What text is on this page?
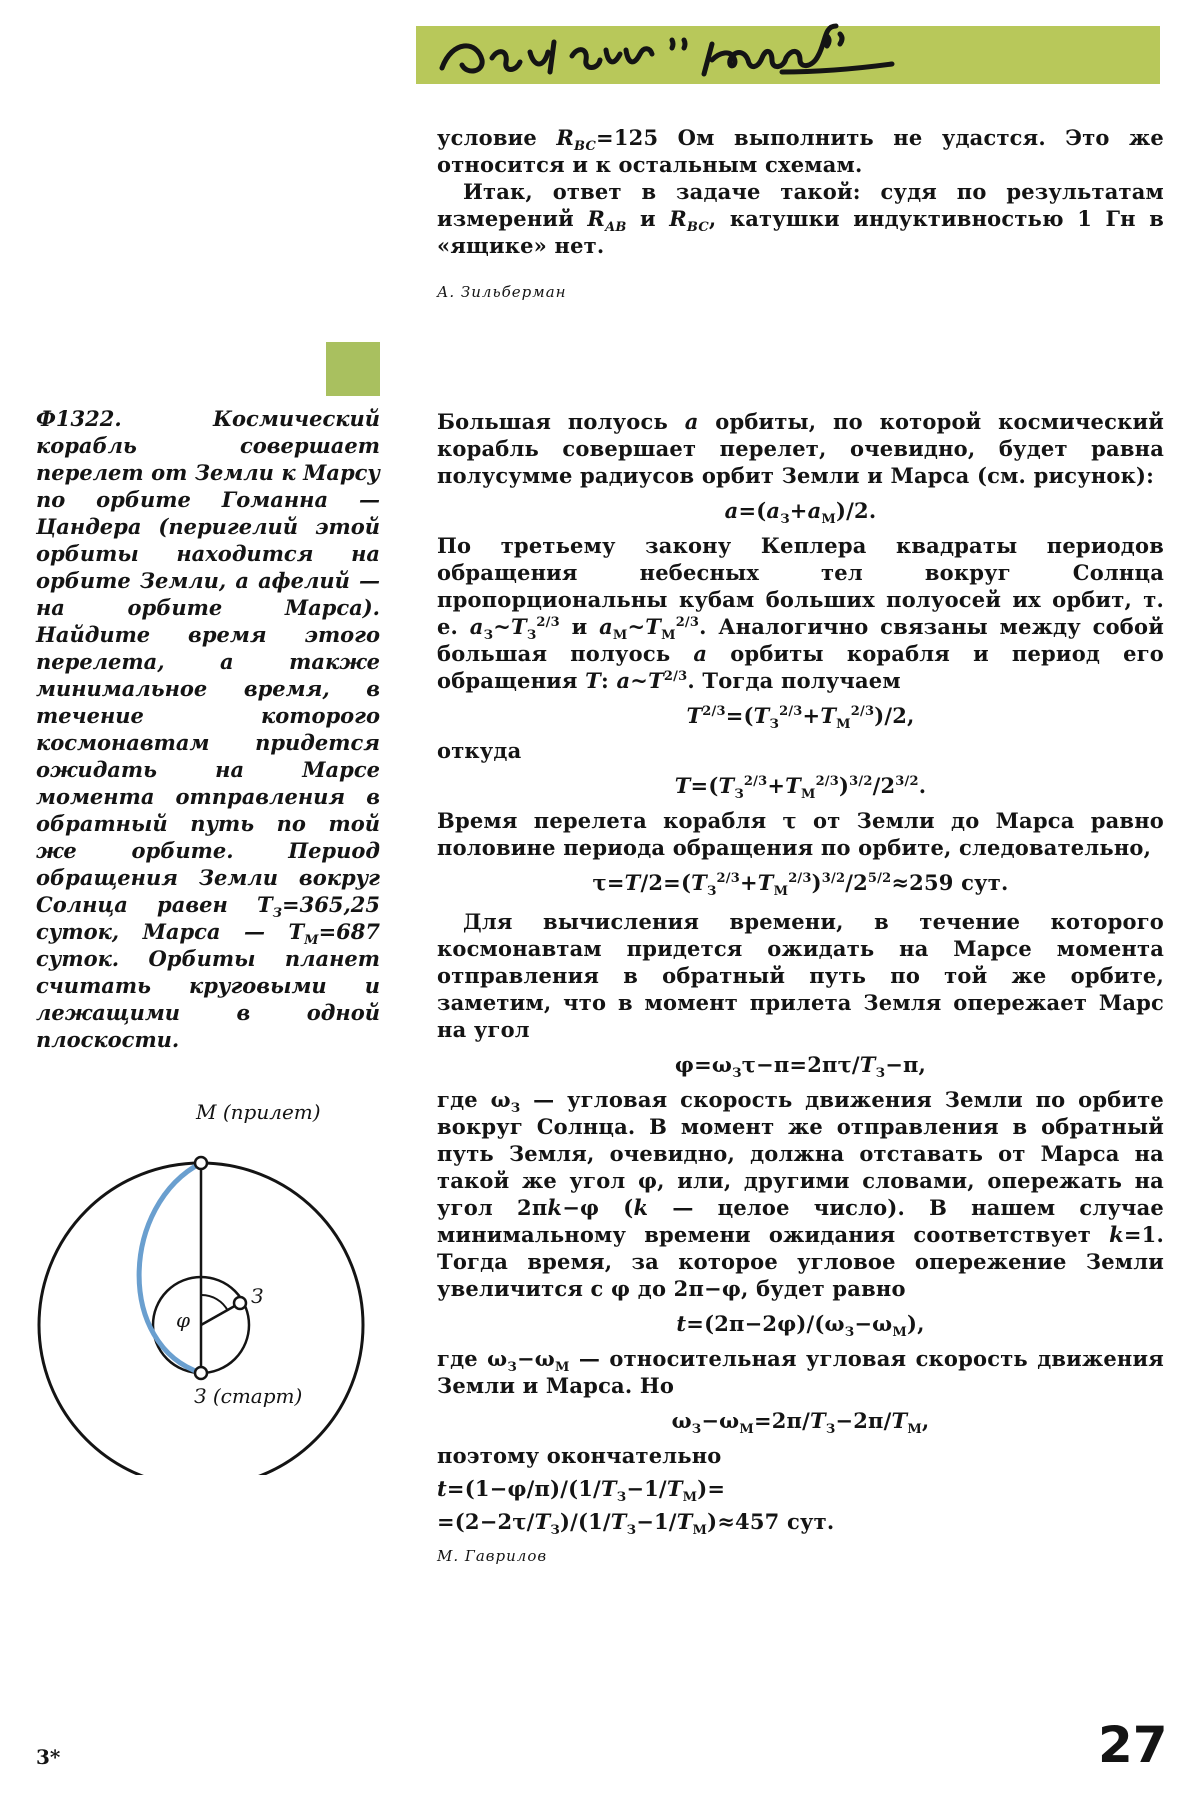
условие $R_{BC}=125$ Ом выполнить не удастся. Это же относится и к остальным схемам.

Итак, ответ в задаче такой: судя по результатам измерений $R_{AB}$ и $R_{BC}$, катушки индуктивностью 1 Гн в «ящике» нет.

А. Зильберман

Ф1322. Космический корабль совершает перелет от Земли к Марсу по орбите Гоманна — Цандера (перигелий этой орбиты находится на орбите Земли, а афелий — на орбите Марса). Найдите время этого перелета, а также минимальное время, в течение которого космонавтам придется ожидать на Марсе момента отправления в обратный путь по той же орбите. Период обращения Земли вокруг Солнца равен $T_З=365,25$ суток, Марса — $T_М=687$ суток. Орбиты планет считать круговыми и лежащими в одной плоскости.
М (прилет)
φ
З
З (старт)

Большая полуось a орбиты, по которой космический корабль совершает перелет, очевидно, будет равна полусумме радиусов орбит Земли и Марса (см. рисунок):

$a=(a_З+a_М)/2$.

По третьему закону Кеплера квадраты периодов обращения небесных тел вокруг Солнца пропорциональны кубам больших полуосей их орбит, т. е. $a_З\sim T_З^{2/3}$ и $a_М\sim T_М^{2/3}$. Аналогично связаны между собой большая полуось a орбиты корабля и период его обращения T: $a\sim T^{2/3}$. Тогда получаем

$T^{2/3}=(T_З^{2/3}+T_М^{2/3})/2$,

откуда

$T=(T_З^{2/3}+T_М^{2/3})^{3/2}/2^{3/2}$.

Время перелета корабля τ от Земли до Марса равно половине периода обращения по орбите, следовательно,

$\tau=T/2=(T_З^{2/3}+T_М^{2/3})^{3/2}/2^{5/2}\approx 259$ сут.

Для вычисления времени, в течение которого космонавтам придется ожидать на Марсе момента отправления в обратный путь по той же орбите, заметим, что в момент прилета Земля опережает Марс на угол

$\varphi=\omega_З\tau-\pi=2\pi\tau/T_З-\pi$,

где $\omega_З$ — угловая скорость движения Земли по орбите вокруг Солнца. В момент же отправления в обратный путь Земля, очевидно, должна отставать от Марса на такой же угол φ, или, другими словами, опережать на угол 2πk−φ (k — целое число). В нашем случае минимальному времени ожидания соответствует k=1. Тогда время, за которое угловое опережение Земли увеличится с φ до 2π−φ, будет равно

$t=(2\pi-2\varphi)/(\omega_З-\omega_М)$,

где $\omega_З-\omega_М$ — относительная угловая скорость движения Земли и Марса. Но

$\omega_З-\omega_М=2\pi/T_З-2\pi/T_М$,

поэтому окончательно

$t=(1-\varphi/\pi)/(1/T_З-1/T_М)=$

$=(2-2\tau/T_З)/(1/T_З-1/T_М)\approx 457$ сут.

М. Гаврилов

3*	27
